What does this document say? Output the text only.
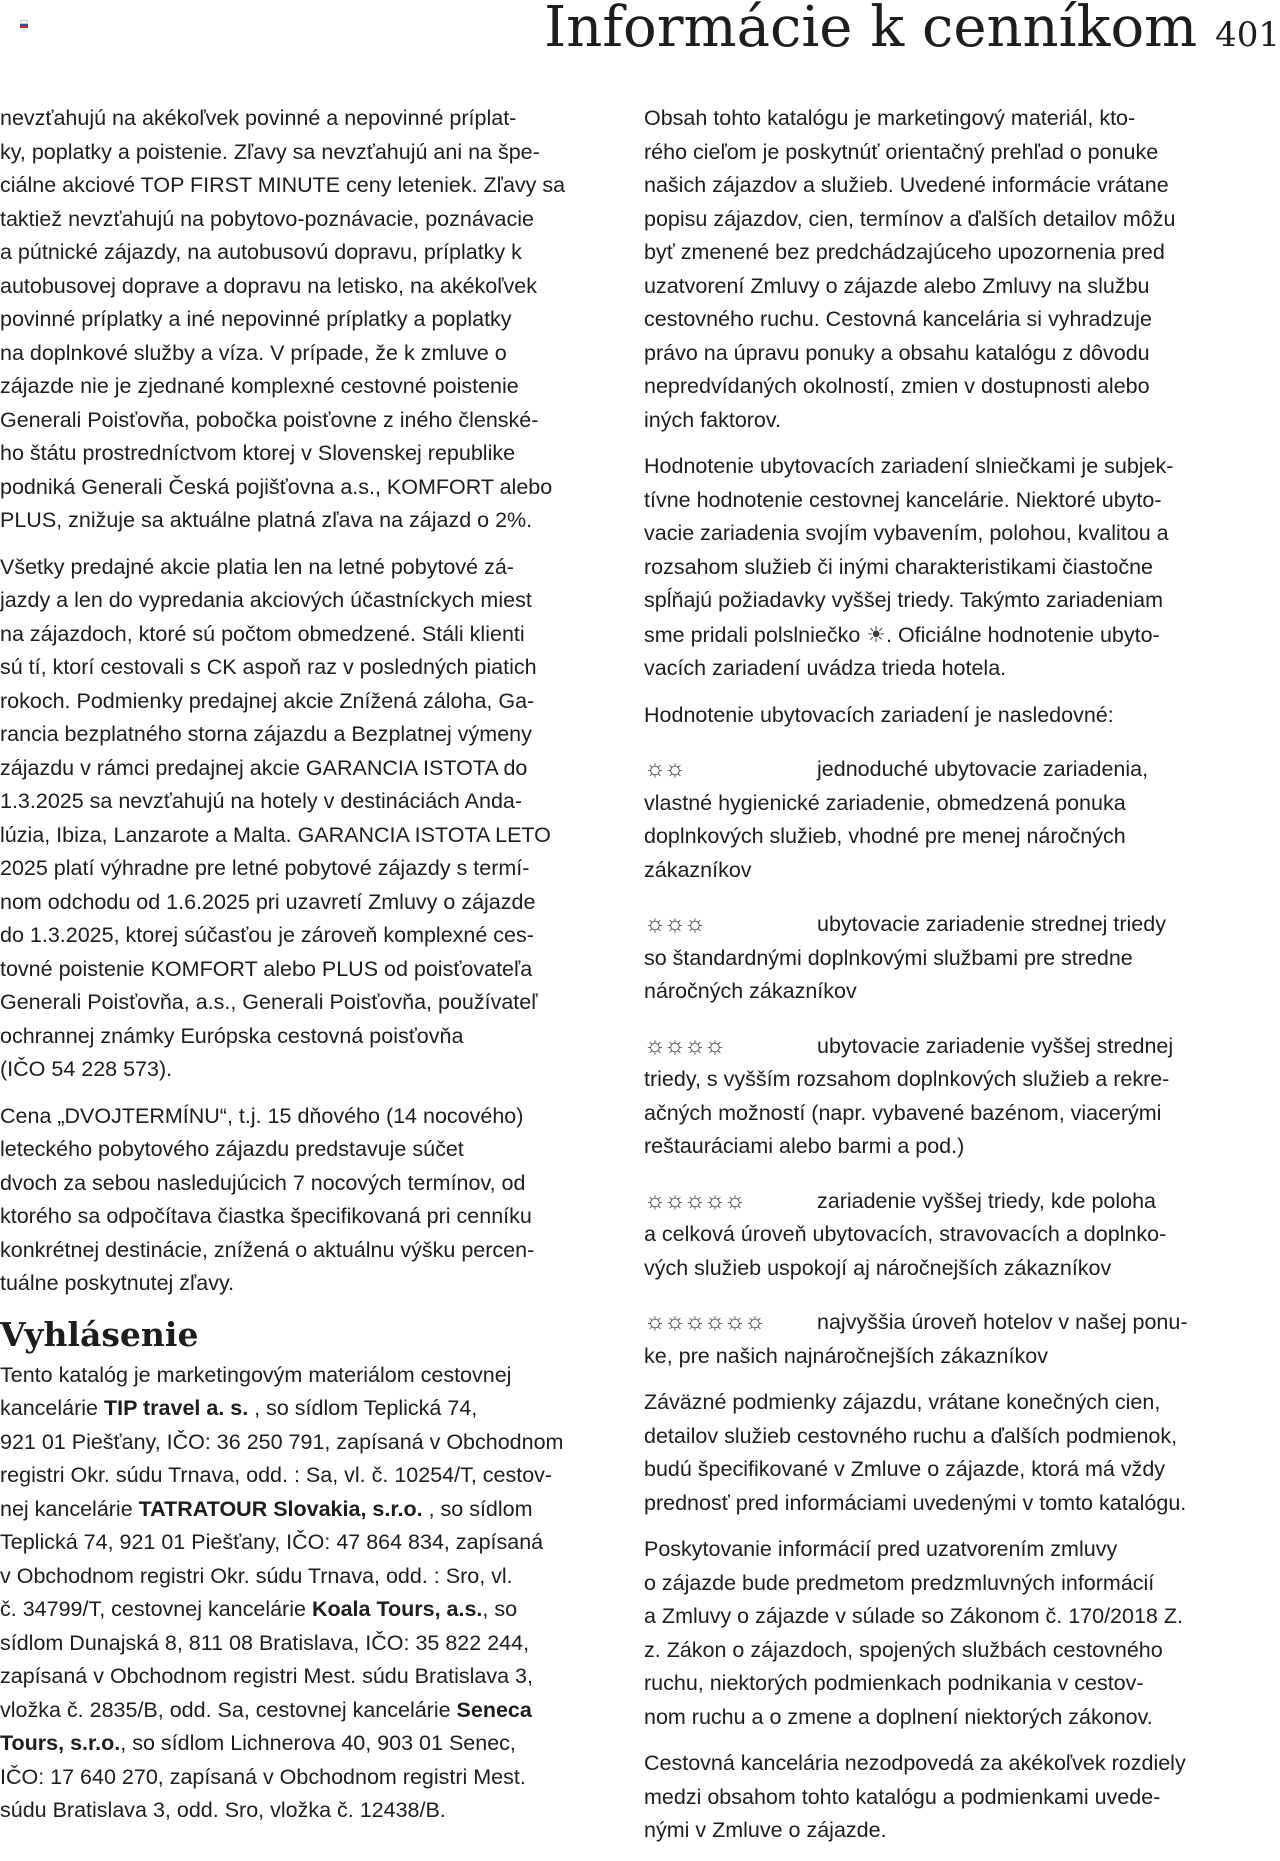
Informácie k cenníkom 401

nevzťahujú na akékoľvek povinné a nepovinné príplat-
ky, poplatky a poistenie. Zľavy sa nevzťahujú ani na špe-
ciálne akciové TOP FIRST MINUTE ceny leteniek. Zľavy sa
taktiež nevzťahujú na pobytovo-poznávacie, poznávacie
a pútnické zájazdy, na autobusovú dopravu, príplatky k
autobusovej doprave a dopravu na letisko, na akékoľvek
povinné príplatky a iné nepovinné príplatky a poplatky
na doplnkové služby a víza. V prípade, že k zmluve o
zájazde nie je zjednané komplexné cestovné poistenie
Generali Poisťovňa, pobočka poisťovne z iného členské-
ho štátu prostredníctvom ktorej v Slovenskej republike
podniká Generali Česká pojišťovna a.s., KOMFORT alebo
PLUS, znižuje sa aktuálne platná zľava na zájazd o 2%.

Všetky predajné akcie platia len na letné pobytové zá-
jazdy a len do vypredania akciových účastníckych miest
na zájazdoch, ktoré sú počtom obmedzené. Stáli klienti
sú tí, ktorí cestovali s CK aspoň raz v posledných piatich
rokoch. Podmienky predajnej akcie Znížená záloha, Ga-
rancia bezplatného storna zájazdu a Bezplatnej výmeny
zájazdu v rámci predajnej akcie GARANCIA ISTOTA do
1.3.2025 sa nevzťahujú na hotely v destináciách Anda-
lúzia, Ibiza, Lanzarote a Malta. GARANCIA ISTOTA LETO
2025 platí výhradne pre letné pobytové zájazdy s termí-
nom odchodu od 1.6.2025 pri uzavretí Zmluvy o zájazde
do 1.3.2025, ktorej súčasťou je zároveň komplexné ces-
tovné poistenie KOMFORT alebo PLUS od poisťovateľa
Generali Poisťovňa, a.s., Generali Poisťovňa, používateľ
ochrannej známky Európska cestovná poisťovňa
(IČO 54 228 573).

Cena „DVOJTERMÍNU“, t.j. 15 dňového (14 nocového)
leteckého pobytového zájazdu predstavuje súčet
dvoch za sebou nasledujúcich 7 nocových termínov, od
ktorého sa odpočítava čiastka špecifikovaná pri cenníku
konkrétnej destinácie, znížená o aktuálnu výšku percen-
tuálne poskytnutej zľavy.

Vyhlásenie

Tento katalóg je marketingovým materiálom cestovnej
kancelárie TIP travel a. s. , so sídlom Teplická 74,
921 01 Piešťany, IČO: 36 250 791, zapísaná v Obchodnom
registri Okr. súdu Trnava, odd. : Sa, vl. č. 10254/T, cestov-
nej kancelárie TATRATOUR Slovakia, s.r.o. , so sídlom
Teplická 74, 921 01 Piešťany, IČO: 47 864 834, zapísaná
v Obchodnom registri Okr. súdu Trnava, odd. : Sro, vl.
č. 34799/T, cestovnej kancelárie Koala Tours, a.s., so
sídlom Dunajská 8, 811 08 Bratislava, IČO: 35 822 244,
zapísaná v Obchodnom registri Mest. súdu Bratislava 3,
vložka č. 2835/B, odd. Sa, cestovnej kancelárie Seneca
Tours, s.r.o., so sídlom Lichnerova 40, 903 01 Senec,
IČO: 17 640 270, zapísaná v Obchodnom registri Mest.
súdu Bratislava 3, odd. Sro, vložka č. 12438/B.

Obsah tohto katalógu je marketingový materiál, kto-
rého cieľom je poskytnúť orientačný prehľad o ponuke
našich zájazdov a služieb. Uvedené informácie vrátane
popisu zájazdov, cien, termínov a ďalších detailov môžu
byť zmenené bez predchádzajúceho upozornenia pred
uzatvorení Zmluvy o zájazde alebo Zmluvy na službu
cestovného ruchu. Cestovná kancelária si vyhradzuje
právo na úpravu ponuky a obsahu katalógu z dôvodu
nepredvídaných okolností, zmien v dostupnosti alebo
iných faktorov.

Hodnotenie ubytovacích zariadení slniečkami je subjek-
tívne hodnotenie cestovnej kancelárie. Niektoré ubyto-
vacie zariadenia svojím vybavením, polohou, kvalitou a
rozsahom služieb či inými charakteristikami čiastočne
spĺňajú požiadavky vyššej triedy. Takýmto zariadeniam
sme pridali polslniečko ☀. Oficiálne hodnotenie ubyto-
vacích zariadení uvádza trieda hotela.

Hodnotenie ubytovacích zariadení je nasledovné:

☼☼	jednoduché ubytovacie zariadenia,
vlastné hygienické zariadenie, obmedzená ponuka
doplnkových služieb, vhodné pre menej náročných
zákazníkov

☼☼☼	ubytovacie zariadenie strednej triedy
so štandardnými doplnkovými službami pre stredne
náročných zákazníkov

☼☼☼☼	ubytovacie zariadenie vyššej strednej
triedy, s vyšším rozsahom doplnkových služieb a rekre-
ačných možností (napr. vybavené bazénom, viacerými
reštauráciami alebo barmi a pod.)

☼☼☼☼☼	zariadenie vyššej triedy, kde poloha
a celková úroveň ubytovacích, stravovacích a doplnko-
vých služieb uspokojí aj náročnejších zákazníkov

☼☼☼☼☼☼ najvyššia úroveň hotelov v našej ponu-
ke, pre našich najnáročnejších zákazníkov

Záväzné podmienky zájazdu, vrátane konečných cien,
detailov služieb cestovného ruchu a ďalších podmienok,
budú špecifikované v Zmluve o zájazde, ktorá má vždy
prednosť pred informáciami uvedenými v tomto katalógu.

Poskytovanie informácií pred uzatvorením zmluvy
o zájazde bude predmetom predzmluvných informácií
a Zmluvy o zájazde v súlade so Zákonom č. 170/2018 Z.
z. Zákon o zájazdoch, spojených službách cestovného
ruchu, niektorých podmienkach podnikania v cestov-
nom ruchu a o zmene a doplnení niektorých zákonov.

Cestovná kancelária nezodpovedá za akékoľvek rozdiely
medzi obsahom tohto katalógu a podmienkami uvede-
nými v Zmluve o zájazde.
